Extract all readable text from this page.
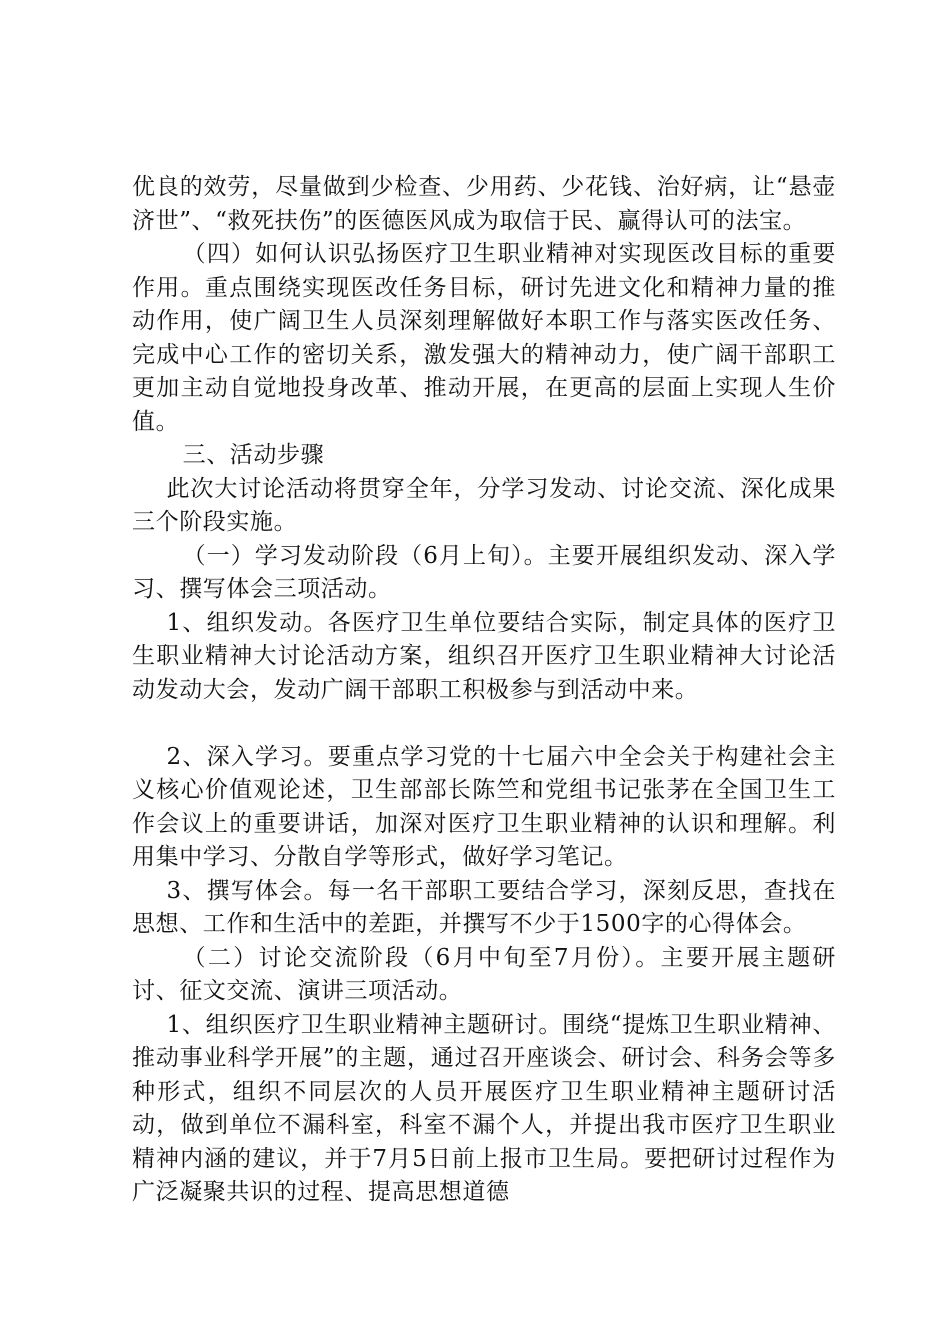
优良的效劳，尽量做到少检查、少用药、少花钱、治好病，让“悬壶济世”、“救死扶伤”的医德医风成为取信于民、赢得认可的法宝。

（四）如何认识弘扬医疗卫生职业精神对实现医改目标的重要作用。重点围绕实现医改任务目标，研讨先进文化和精神力量的推动作用，使广阔卫生人员深刻理解做好本职工作与落实医改任务、完成中心工作的密切关系，激发强大的精神动力，使广阔干部职工更加主动自觉地投身改革、推动开展，在更高的层面上实现人生价值。

三、活动步骤

此次大讨论活动将贯穿全年，分学习发动、讨论交流、深化成果三个阶段实施。

（一）学习发动阶段（6月上旬）。主要开展组织发动、深入学习、撰写体会三项活动。

1、组织发动。各医疗卫生单位要结合实际，制定具体的医疗卫生职业精神大讨论活动方案，组织召开医疗卫生职业精神大讨论活动发动大会，发动广阔干部职工积极参与到活动中来。

2、深入学习。要重点学习党的十七届六中全会关于构建社会主义核心价值观论述，卫生部部长陈竺和党组书记张茅在全国卫生工作会议上的重要讲话，加深对医疗卫生职业精神的认识和理解。利用集中学习、分散自学等形式，做好学习笔记。

3、撰写体会。每一名干部职工要结合学习，深刻反思，查找在思想、工作和生活中的差距，并撰写不少于1500字的心得体会。

（二）讨论交流阶段（6月中旬至7月份）。主要开展主题研讨、征文交流、演讲三项活动。

1、组织医疗卫生职业精神主题研讨。围绕“提炼卫生职业精神、推动事业科学开展”的主题，通过召开座谈会、研讨会、科务会等多种形式，组织不同层次的人员开展医疗卫生职业精神主题研讨活动，做到单位不漏科室，科室不漏个人，并提出我市医疗卫生职业精神内涵的建议，并于7月5日前上报市卫生局。要把研讨过程作为广泛凝聚共识的过程、提高思想道德
